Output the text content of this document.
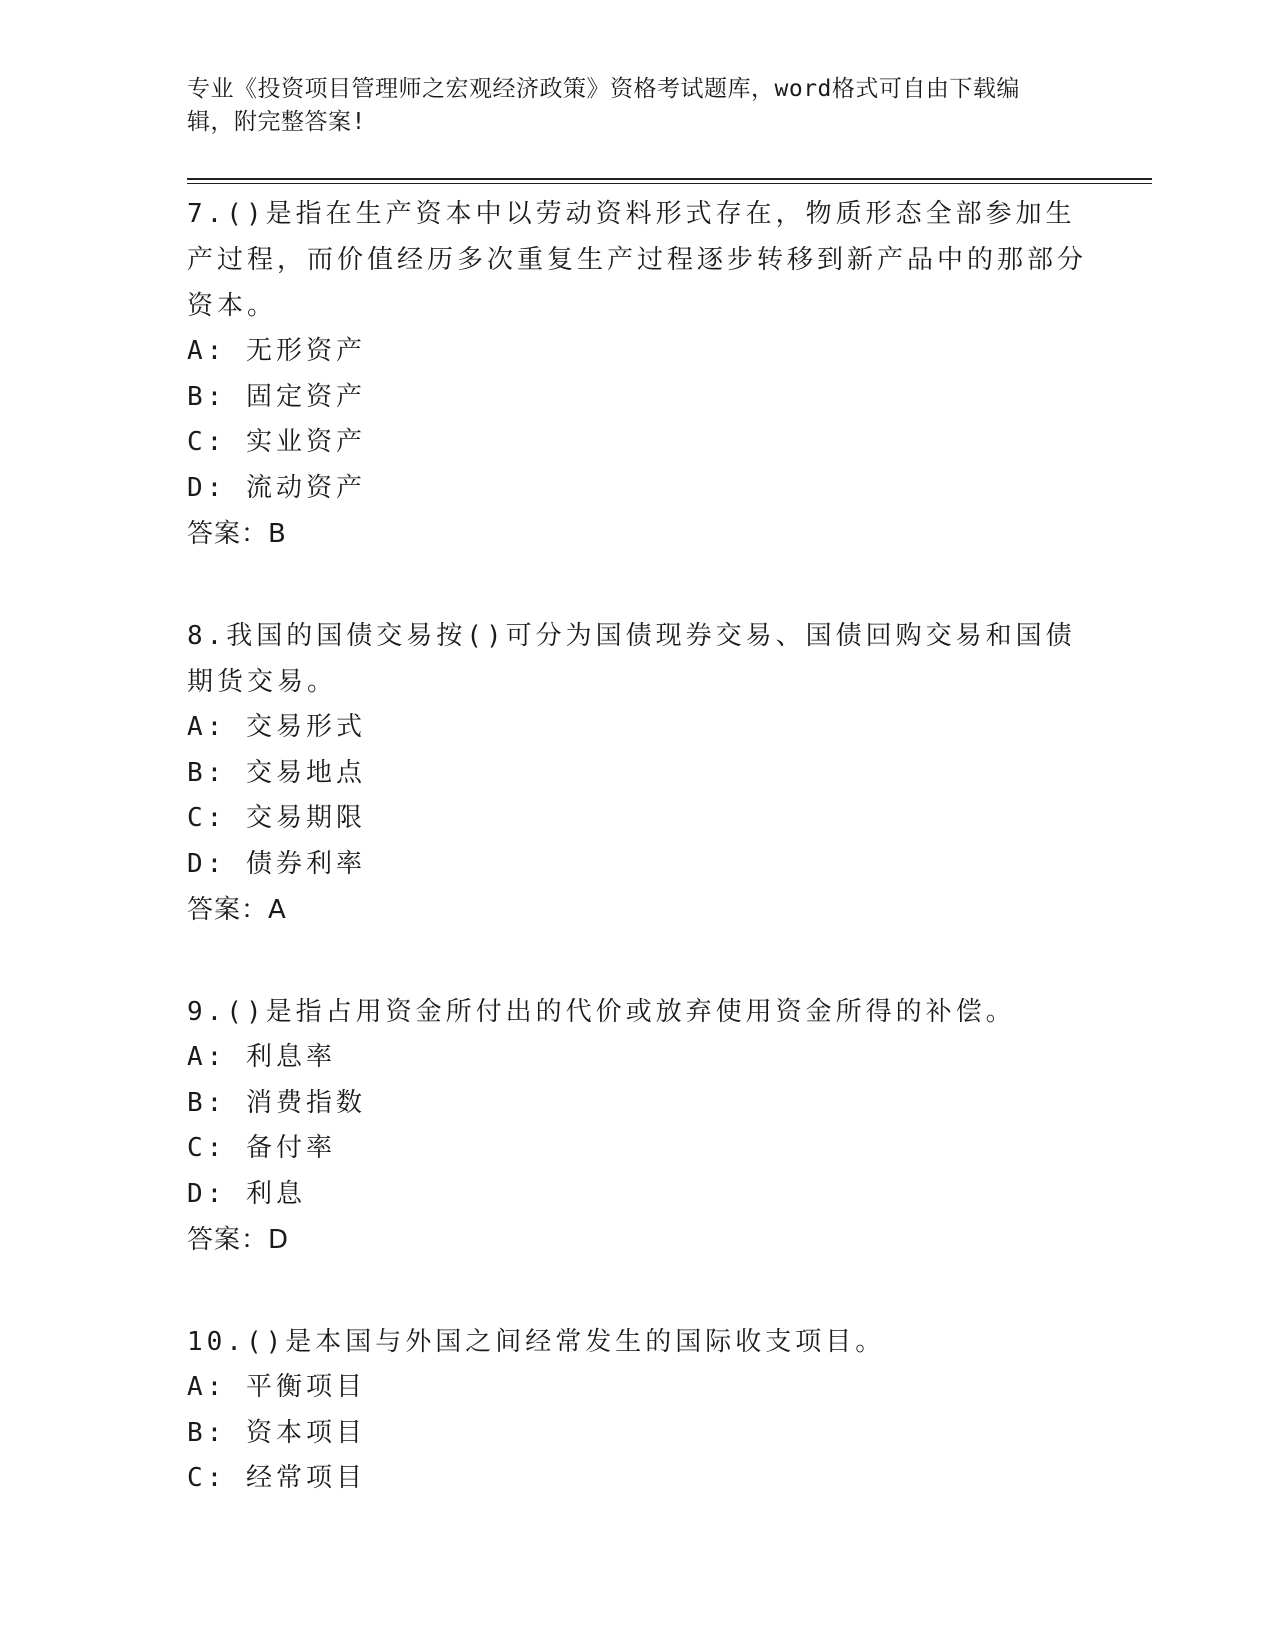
专业《投资项目管理师之宏观经济政策》资格考试题库，word格式可自由下载编
辑，附完整答案!
7.()是指在生产资本中以劳动资料形式存在，物质形态全部参加生产过程，而价值经历多次重复生产过程逐步转移到新产品中的那部分资本。
A: 无形资产
B: 固定资产
C: 实业资产
D: 流动资产
答案：B
8.我国的国债交易按()可分为国债现券交易、国债回购交易和国债期货交易。
A: 交易形式
B: 交易地点
C: 交易期限
D: 债券利率
答案：A
9.()是指占用资金所付出的代价或放弃使用资金所得的补偿。
A: 利息率
B: 消费指数
C: 备付率
D: 利息
答案：D
10.()是本国与外国之间经常发生的国际收支项目。
A: 平衡项目
B: 资本项目
C: 经常项目
